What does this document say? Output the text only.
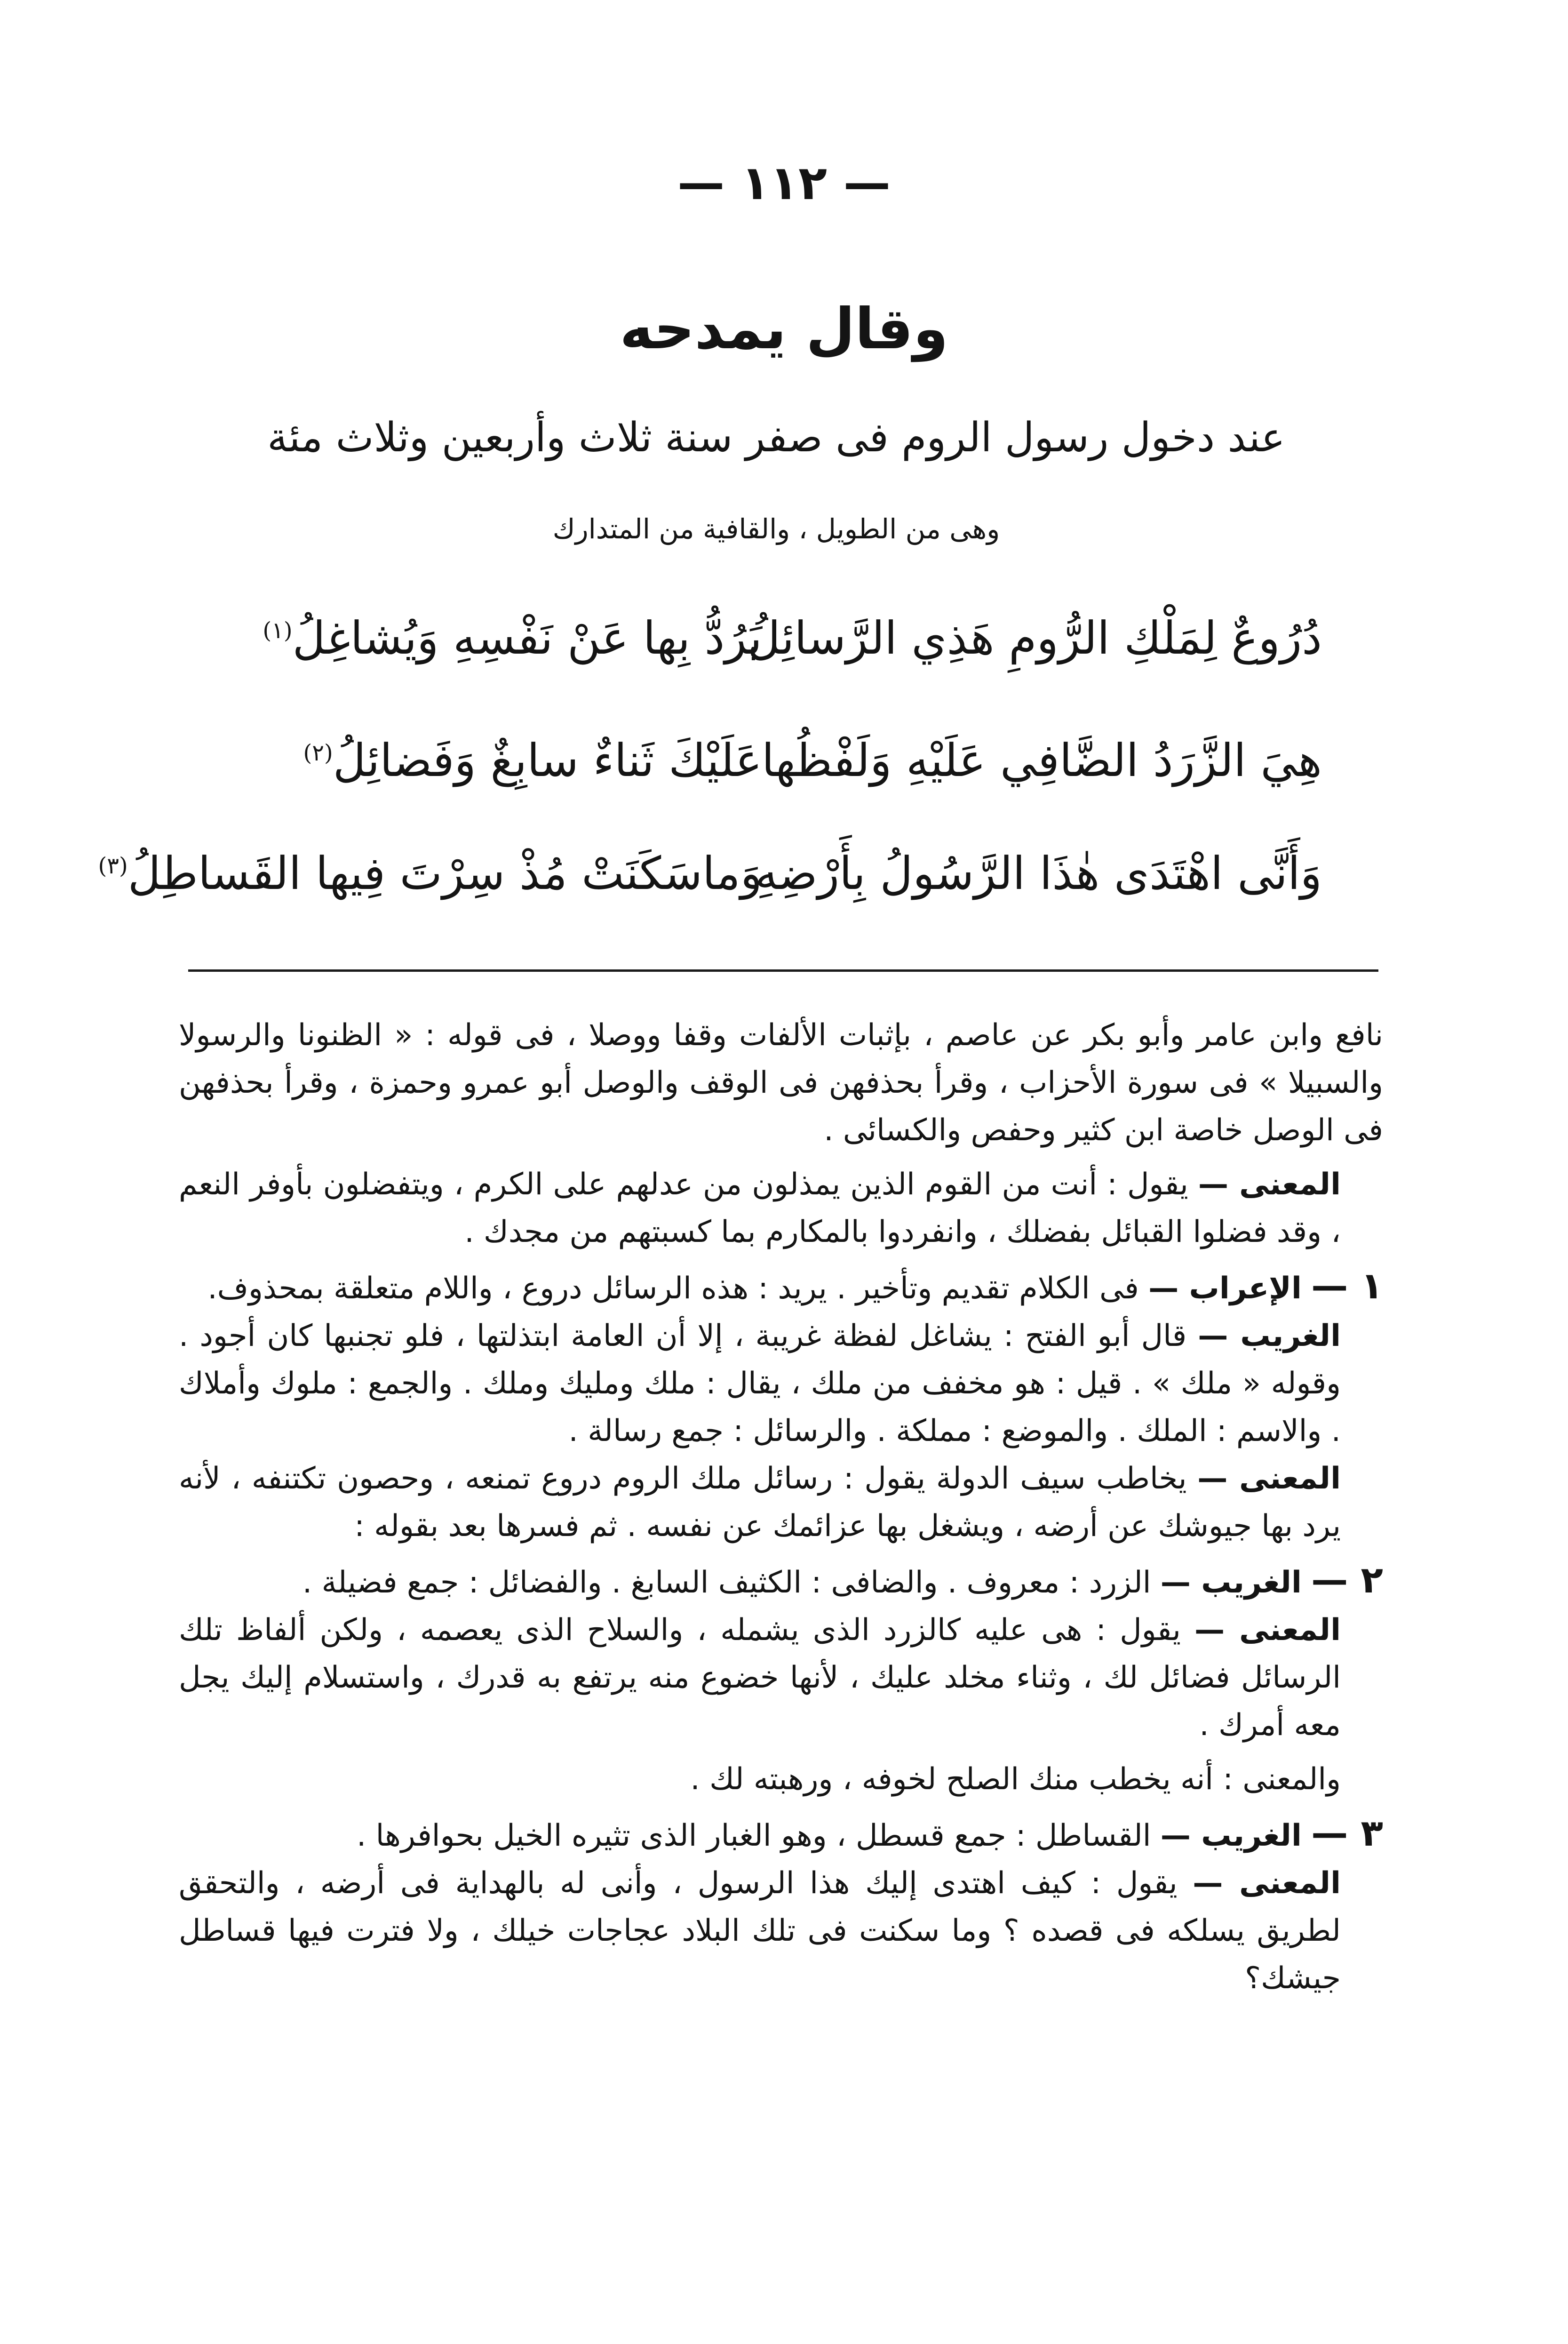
— ١١٢ —
وقال يمدحه
عند دخول رسول الروم فى صفر سنة ثلاث وأربعين وثلاث مئة
وهى من الطويل ، والقافية من المتدارك
دُرُوعٌ لِمَلْكِ الرُّومِ هَذِي الرَّسائِلُ
يَرُدُّ بِها عَنْ نَفْسِهِ وَيُشاغِلُ$^{(١)}$
هِيَ الزَّرَدُ الضَّافِي عَلَيْهِ وَلَفْظُها
عَلَيْكَ ثَناءٌ سابِغٌ وَفَضائِلُ$^{(٢)}$
وَأَنَّى اهْتَدَى هٰذَا الرَّسُولُ بِأَرْضِهِ
وَماسَكَنَتْ مُذْ سِرْتَ فِيها القَساطِلُ$^{(٣)}$

نافع وابن عامر وأبو بكر عن عاصم ، بإثبات الألفات وقفا ووصلا ، فى قوله : « الظنونا والرسولا والسبيلا » فى سورة الأحزاب ، وقرأ بحذفهن فى الوقف والوصل أبو عمرو وحمزة ، وقرأ بحذفهن فى الوصل خاصة ابن كثير وحفص والكسائى .

المعنى — يقول : أنت من القوم الذين يمذلون من عدلهم على الكرم ، ويتفضلون بأوفر النعم ، وقد فضلوا القبائل بفضلك ، وانفردوا بالمكارم بما كسبتهم من مجدك .

١ — الإعراب — فى الكلام تقديم وتأخير . يريد : هذه الرسائل دروع ، واللام متعلقة بمحذوف.

الغريب — قال أبو الفتح : يشاغل لفظة غريبة ، إلا أن العامة ابتذلتها ، فلو تجنبها كان أجود . وقوله « ملك » . قيل : هو مخفف من ملك ، يقال : ملك ومليك وملك . والجمع : ملوك وأملاك . والاسم : الملك . والموضع : مملكة . والرسائل : جمع رسالة .

المعنى — يخاطب سيف الدولة يقول : رسائل ملك الروم دروع تمنعه ، وحصون تكتنفه ، لأنه يرد بها جيوشك عن أرضه ، ويشغل بها عزائمك عن نفسه . ثم فسرها بعد بقوله :

٢ — الغريب — الزرد : معروف . والضافى : الكثيف السابغ . والفضائل : جمع فضيلة .

المعنى — يقول : هى عليه كالزرد الذى يشمله ، والسلاح الذى يعصمه ، ولكن ألفاظ تلك الرسائل فضائل لك ، وثناء مخلد عليك ، لأنها خضوع منه يرتفع به قدرك ، واستسلام إليك يجل معه أمرك .

والمعنى : أنه يخطب منك الصلح لخوفه ، ورهبته لك .

٣ — الغريب — القساطل : جمع قسطل ، وهو الغبار الذى تثيره الخيل بحوافرها .

المعنى — يقول : كيف اهتدى إليك هذا الرسول ، وأنى له بالهداية فى أرضه ، والتحقق لطريق يسلكه فى قصده ؟ وما سكنت فى تلك البلاد عجاجات خيلك ، ولا فترت فيها قساطل جيشك؟
